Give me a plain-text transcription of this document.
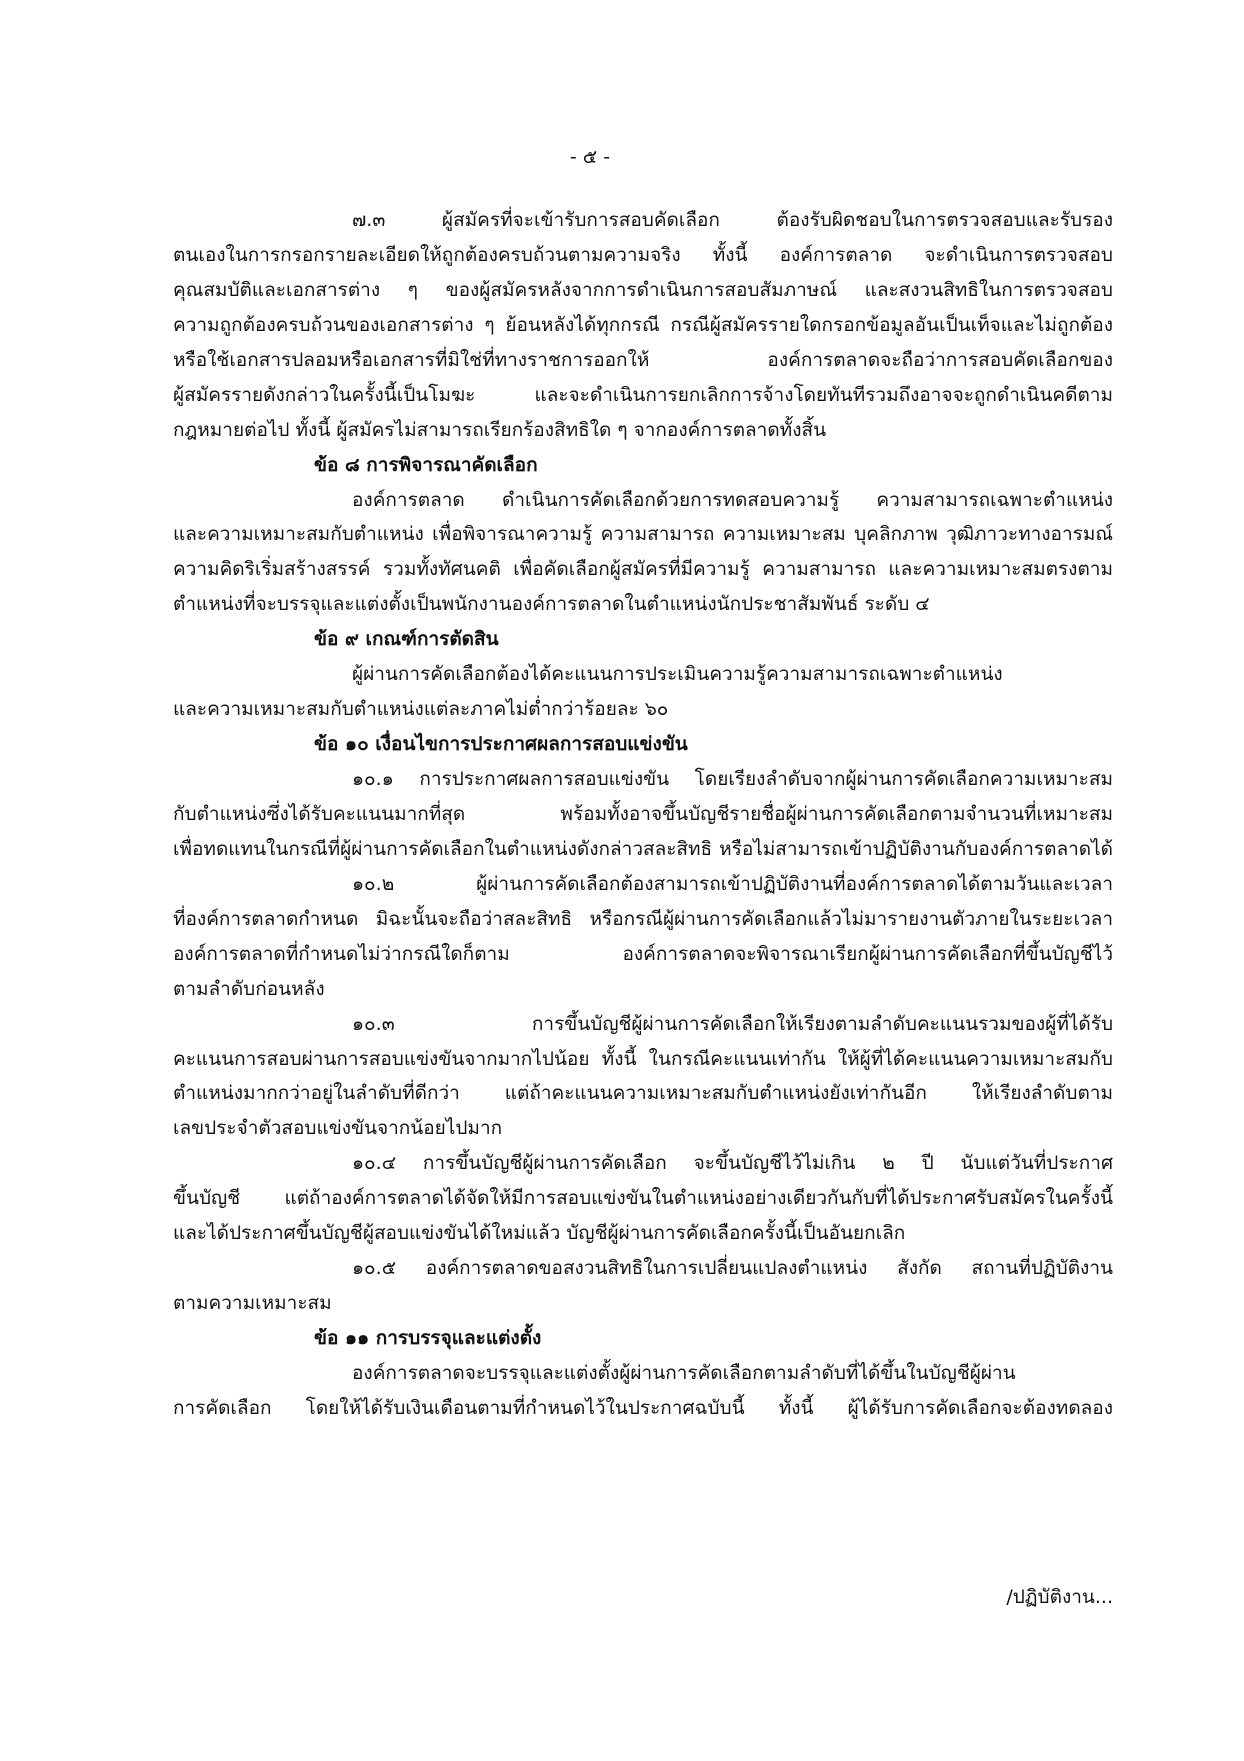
- ๕ -
๗.๓ ผู้สมัครที่จะเข้ารับการสอบคัดเลือก ต้องรับผิดชอบในการตรวจสอบและรับรอง
ตนเองในการกรอกรายละเอียดให้ถูกต้องครบถ้วนตามความจริง ทั้งนี้ องค์การตลาด จะดำเนินการตรวจสอบ
คุณสมบัติและเอกสารต่าง ๆ ของผู้สมัครหลังจากการดำเนินการสอบสัมภาษณ์ และสงวนสิทธิในการตรวจสอบ
ความถูกต้องครบถ้วนของเอกสารต่าง ๆ ย้อนหลังได้ทุกกรณี กรณีผู้สมัครรายใดกรอกข้อมูลอันเป็นเท็จและไม่ถูกต้อง
หรือใช้เอกสารปลอมหรือเอกสารที่มิใช่ที่ทางราชการออกให้ องค์การตลาดจะถือว่าการสอบคัดเลือกของ
ผู้สมัครรายดังกล่าวในครั้งนี้เป็นโมฆะ และจะดำเนินการยกเลิกการจ้างโดยทันทีรวมถึงอาจจะถูกดำเนินคดีตาม
กฎหมายต่อไป ทั้งนี้ ผู้สมัครไม่สามารถเรียกร้องสิทธิใด ๆ จากองค์การตลาดทั้งสิ้น
ข้อ ๘ การพิจารณาคัดเลือก
องค์การตลาด ดำเนินการคัดเลือกด้วยการทดสอบความรู้ ความสามารถเฉพาะตำแหน่ง
และความเหมาะสมกับตำแหน่ง เพื่อพิจารณาความรู้ ความสามารถ ความเหมาะสม บุคลิกภาพ วุฒิภาวะทางอารมณ์
ความคิดริเริ่มสร้างสรรค์ รวมทั้งทัศนคติ เพื่อคัดเลือกผู้สมัครที่มีความรู้ ความสามารถ และความเหมาะสมตรงตาม
ตำแหน่งที่จะบรรจุและแต่งตั้งเป็นพนักงานองค์การตลาดในตำแหน่งนักประชาสัมพันธ์ ระดับ ๔
ข้อ ๙ เกณฑ์การตัดสิน
ผู้ผ่านการคัดเลือกต้องได้คะแนนการประเมินความรู้ความสามารถเฉพาะตำแหน่ง
และความเหมาะสมกับตำแหน่งแต่ละภาคไม่ต่ำกว่าร้อยละ ๖๐
ข้อ ๑๐ เงื่อนไขการประกาศผลการสอบแข่งขัน
๑๐.๑ การประกาศผลการสอบแข่งขัน โดยเรียงลำดับจากผู้ผ่านการคัดเลือกความเหมาะสม
กับตำแหน่งซึ่งได้รับคะแนนมากที่สุด พร้อมทั้งอาจขึ้นบัญชีรายชื่อผู้ผ่านการคัดเลือกตามจำนวนที่เหมาะสม
เพื่อทดแทนในกรณีที่ผู้ผ่านการคัดเลือกในตำแหน่งดังกล่าวสละสิทธิ หรือไม่สามารถเข้าปฏิบัติงานกับองค์การตลาดได้
๑๐.๒ ผู้ผ่านการคัดเลือกต้องสามารถเข้าปฏิบัติงานที่องค์การตลาดได้ตามวันและเวลา
ที่องค์การตลาดกำหนด มิฉะนั้นจะถือว่าสละสิทธิ หรือกรณีผู้ผ่านการคัดเลือกแล้วไม่มารายงานตัวภายในระยะเวลา
องค์การตลาดที่กำหนดไม่ว่ากรณีใดก็ตาม องค์การตลาดจะพิจารณาเรียกผู้ผ่านการคัดเลือกที่ขึ้นบัญชีไว้
ตามลำดับก่อนหลัง
๑๐.๓ การขึ้นบัญชีผู้ผ่านการคัดเลือกให้เรียงตามลำดับคะแนนรวมของผู้ที่ได้รับ
คะแนนการสอบผ่านการสอบแข่งขันจากมากไปน้อย ทั้งนี้ ในกรณีคะแนนเท่ากัน ให้ผู้ที่ได้คะแนนความเหมาะสมกับ
ตำแหน่งมากกว่าอยู่ในลำดับที่ดีกว่า แต่ถ้าคะแนนความเหมาะสมกับตำแหน่งยังเท่ากันอีก ให้เรียงลำดับตาม
เลขประจำตัวสอบแข่งขันจากน้อยไปมาก
๑๐.๔ การขึ้นบัญชีผู้ผ่านการคัดเลือก จะขึ้นบัญชีไว้ไม่เกิน ๒ ปี นับแต่วันที่ประกาศ
ขึ้นบัญชี แต่ถ้าองค์การตลาดได้จัดให้มีการสอบแข่งขันในตำแหน่งอย่างเดียวกันกับที่ได้ประกาศรับสมัครในครั้งนี้
และได้ประกาศขึ้นบัญชีผู้สอบแข่งขันได้ใหม่แล้ว บัญชีผู้ผ่านการคัดเลือกครั้งนี้เป็นอันยกเลิก
๑๐.๕ องค์การตลาดขอสงวนสิทธิในการเปลี่ยนแปลงตำแหน่ง สังกัด สถานที่ปฏิบัติงาน
ตามความเหมาะสม
ข้อ ๑๑ การบรรจุและแต่งตั้ง
องค์การตลาดจะบรรจุและแต่งตั้งผู้ผ่านการคัดเลือกตามลำดับที่ได้ขึ้นในบัญชีผู้ผ่าน
การคัดเลือก โดยให้ได้รับเงินเดือนตามที่กำหนดไว้ในประกาศฉบับนี้ ทั้งนี้ ผู้ได้รับการคัดเลือกจะต้องทดลอง
/ปฏิบัติงาน...
